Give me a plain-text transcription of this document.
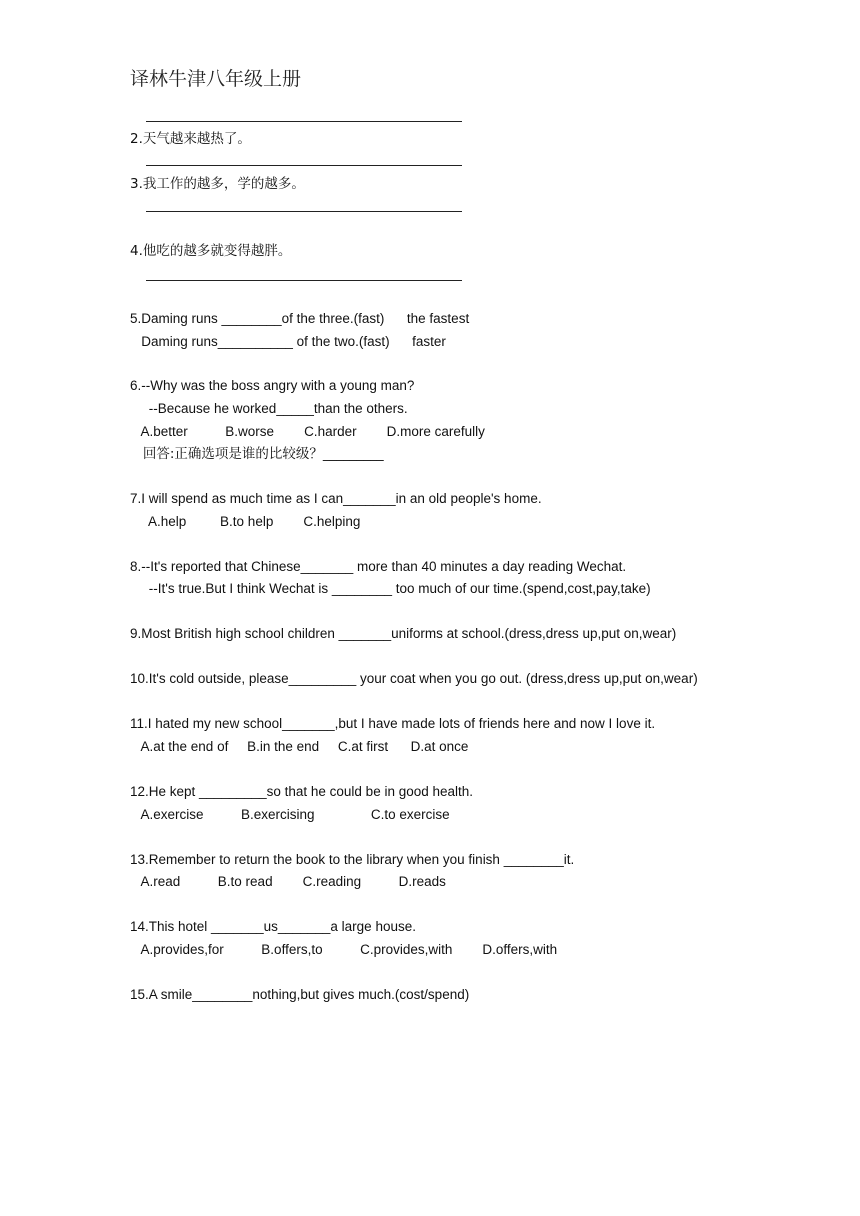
译林牛津八年级上册
2.天气越来越热了。
3.我工作的越多，学的越多。
4.他吃的越多就变得越胖。
5.Daming runs ________of the three.(fast)      the fastest
Daming runs__________ of the two.(fast)      faster
6.--Why was the boss angry with a young man?
--Because he worked_____than the others.
A.better          B.worse        C.harder        D.more carefully
回答:正确选项是谁的比较级？_________
7.I will spend as much time as I can_______in an old people's home.
A.help         B.to help        C.helping
8.--It's reported that Chinese_______ more than 40 minutes a day reading Wechat.
--It's true.But I think Wechat is ________ too much of our time.(spend,cost,pay,take)
9.Most British high school children _______uniforms at school.(dress,dress up,put on,wear)
10.It's cold outside, please_________ your coat when you go out. (dress,dress up,put on,wear)
11.I hated my new school_______,but I have made lots of friends here and now I love it.
A.at the end of     B.in the end     C.at first      D.at once
12.He kept _________so that he could be in good health.
A.exercise          B.exercising               C.to exercise
13.Remember to return the book to the library when you finish ________it.
A.read          B.to read        C.reading          D.reads
14.This hotel _______us_______a large house.
A.provides,for          B.offers,to          C.provides,with        D.offers,with
15.A smile________nothing,but gives much.(cost/spend)
